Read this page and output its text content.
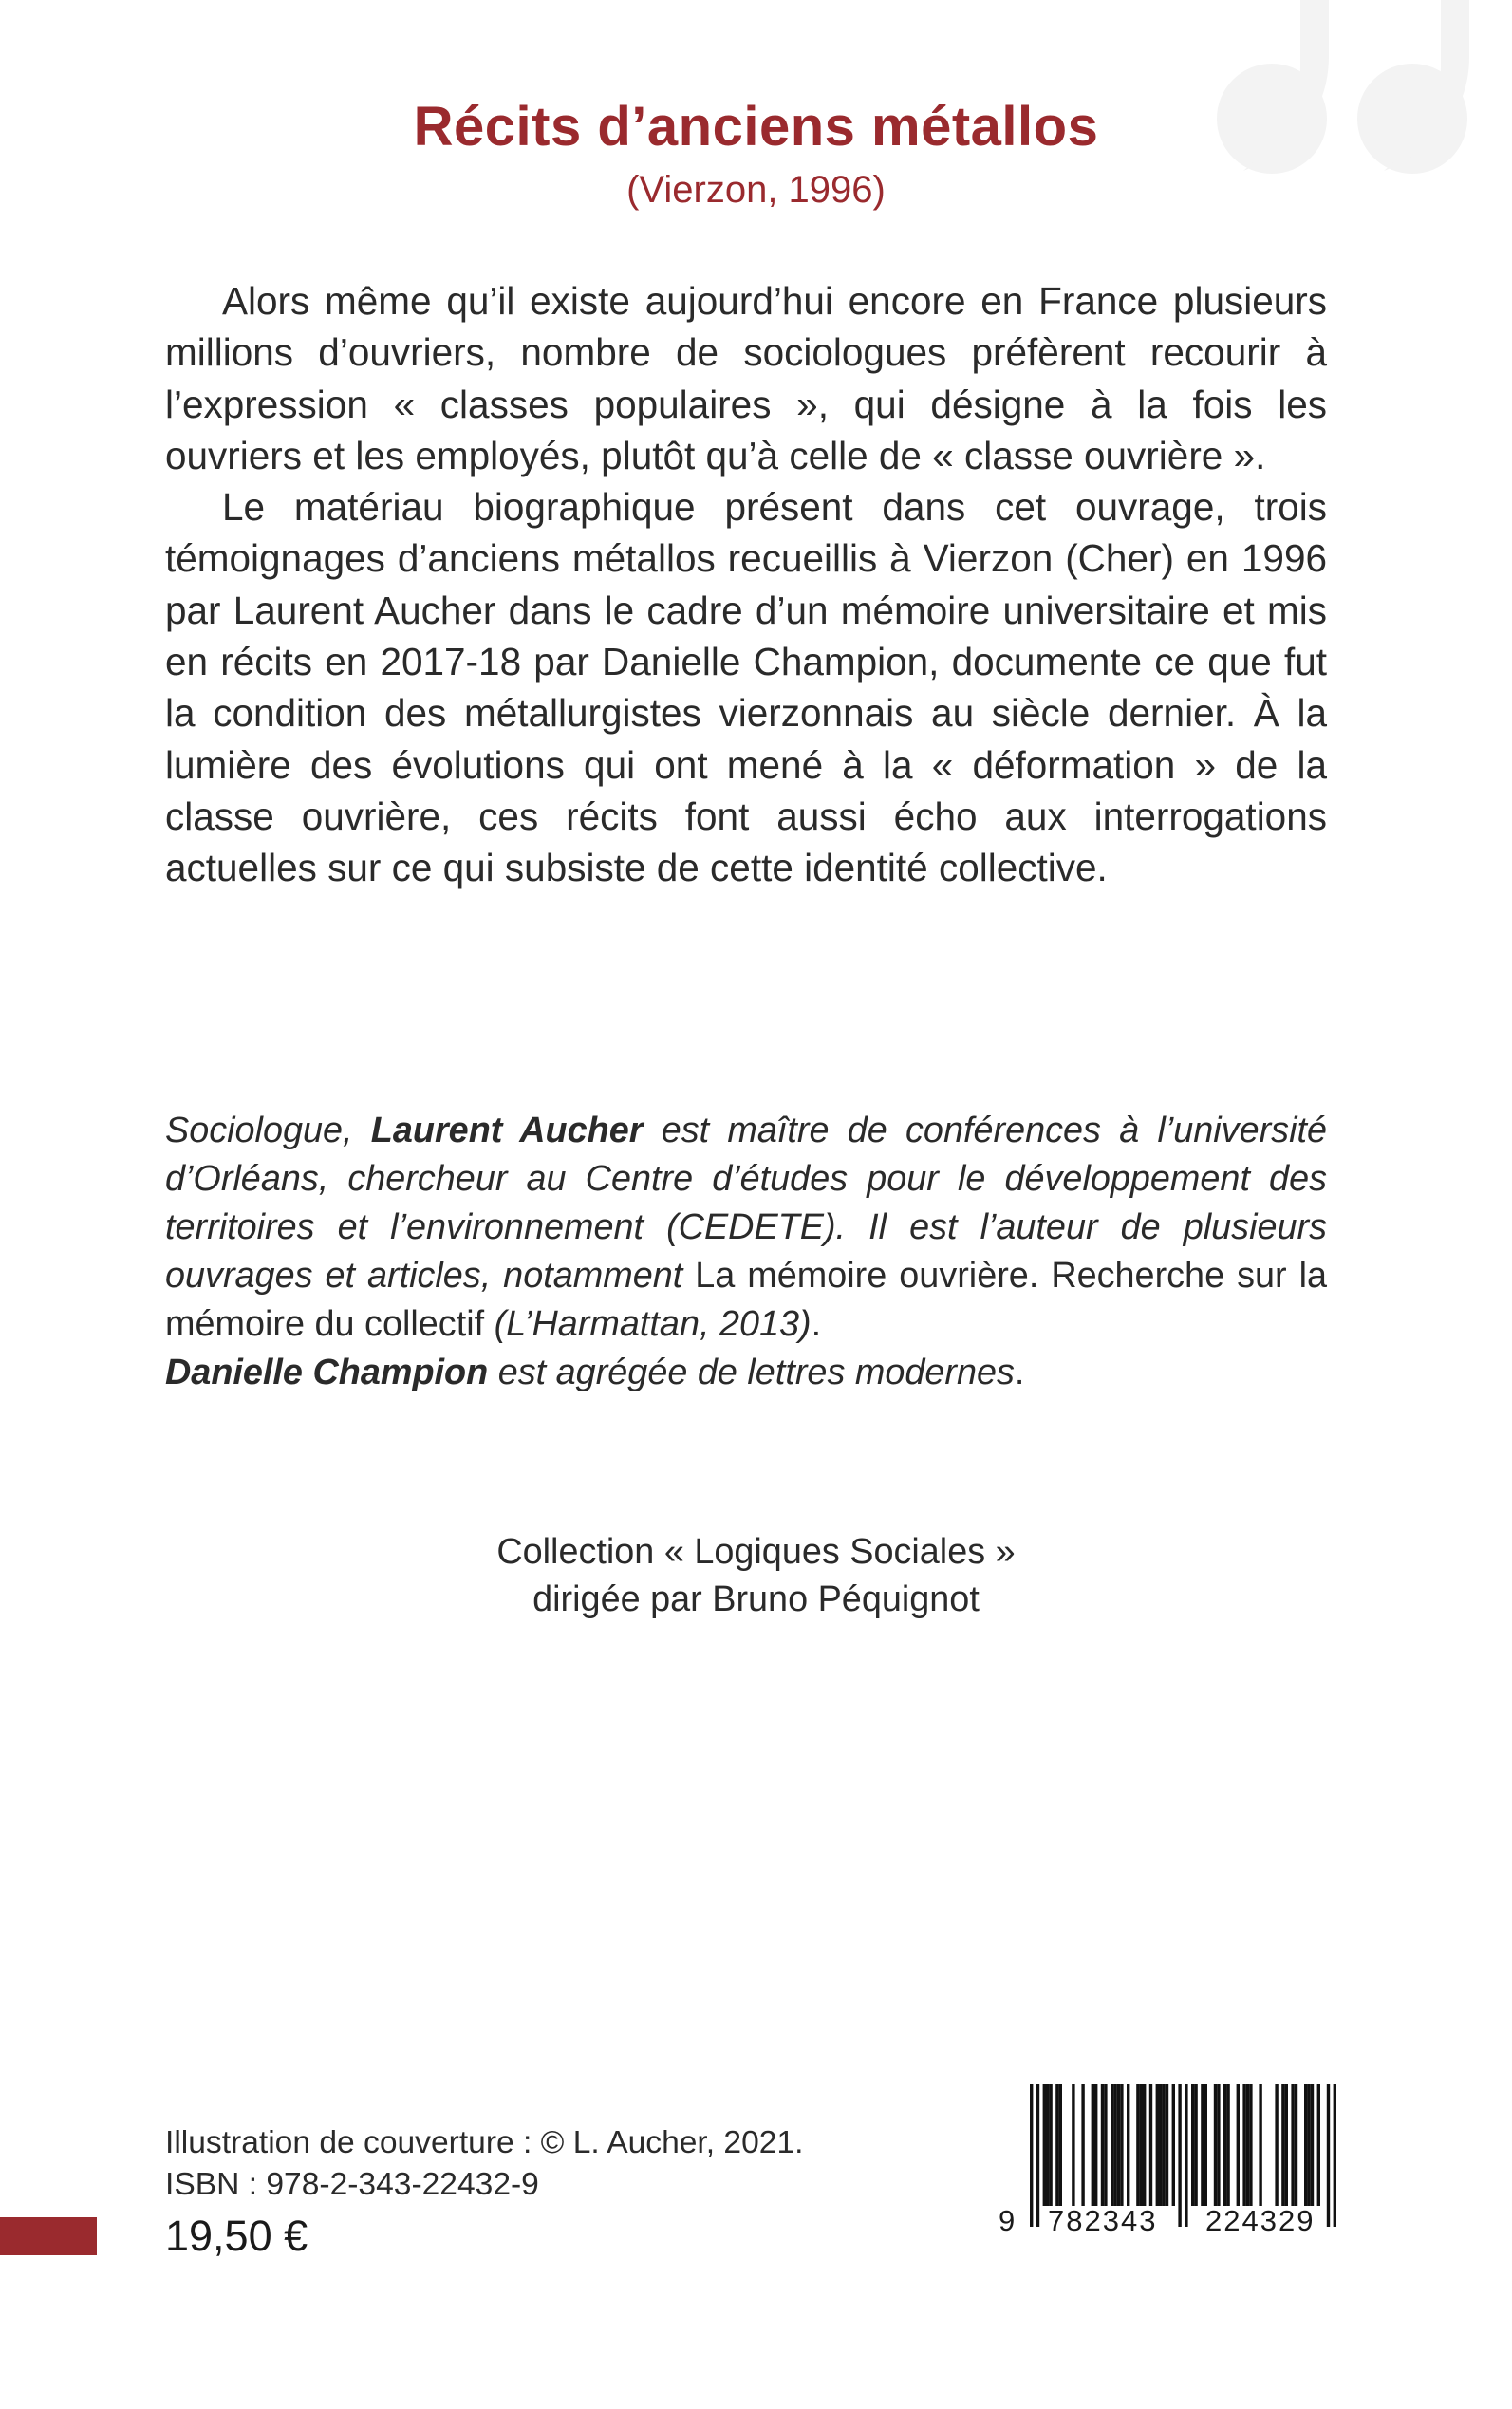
Récits d’anciens métallos
(Vierzon, 1996)

Alors même qu’il existe aujourd’hui encore en France plusieurs millions d’ouvriers, nombre de sociologues préfèrent recourir à l’expression « classes populaires », qui désigne à la fois les ouvriers et les employés, plutôt qu’à celle de « classe ouvrière ».

Le matériau biographique présent dans cet ouvrage, trois témoignages d’anciens métallos recueillis à Vierzon (Cher) en 1996 par Laurent Aucher dans le cadre d’un mémoire universitaire et mis en récits en 2017-18 par Danielle Champion, documente ce que fut la condition des métallurgistes vierzonnais au siècle dernier. À la lumière des évolutions qui ont mené à la « déformation » de la classe ouvrière, ces récits font aussi écho aux interrogations actuelles sur ce qui subsiste de cette identité collective.

Sociologue, Laurent Aucher est maître de conférences à l’université d’Orléans, chercheur au Centre d’études pour le développement des territoires et l’environnement (CEDETE). Il est l’auteur de plusieurs ouvrages et articles, notamment La mémoire ouvrière. Recherche sur la mémoire du collectif (L’Harmattan, 2013).

Danielle Champion est agrégée de lettres modernes.

Collection « Logiques Sociales »
dirigée par Bruno Péquignot
Illustration de couverture : © L. Aucher, 2021.
ISBN : 978-2-343-22432-9
19,50 €	9 782343 224329
